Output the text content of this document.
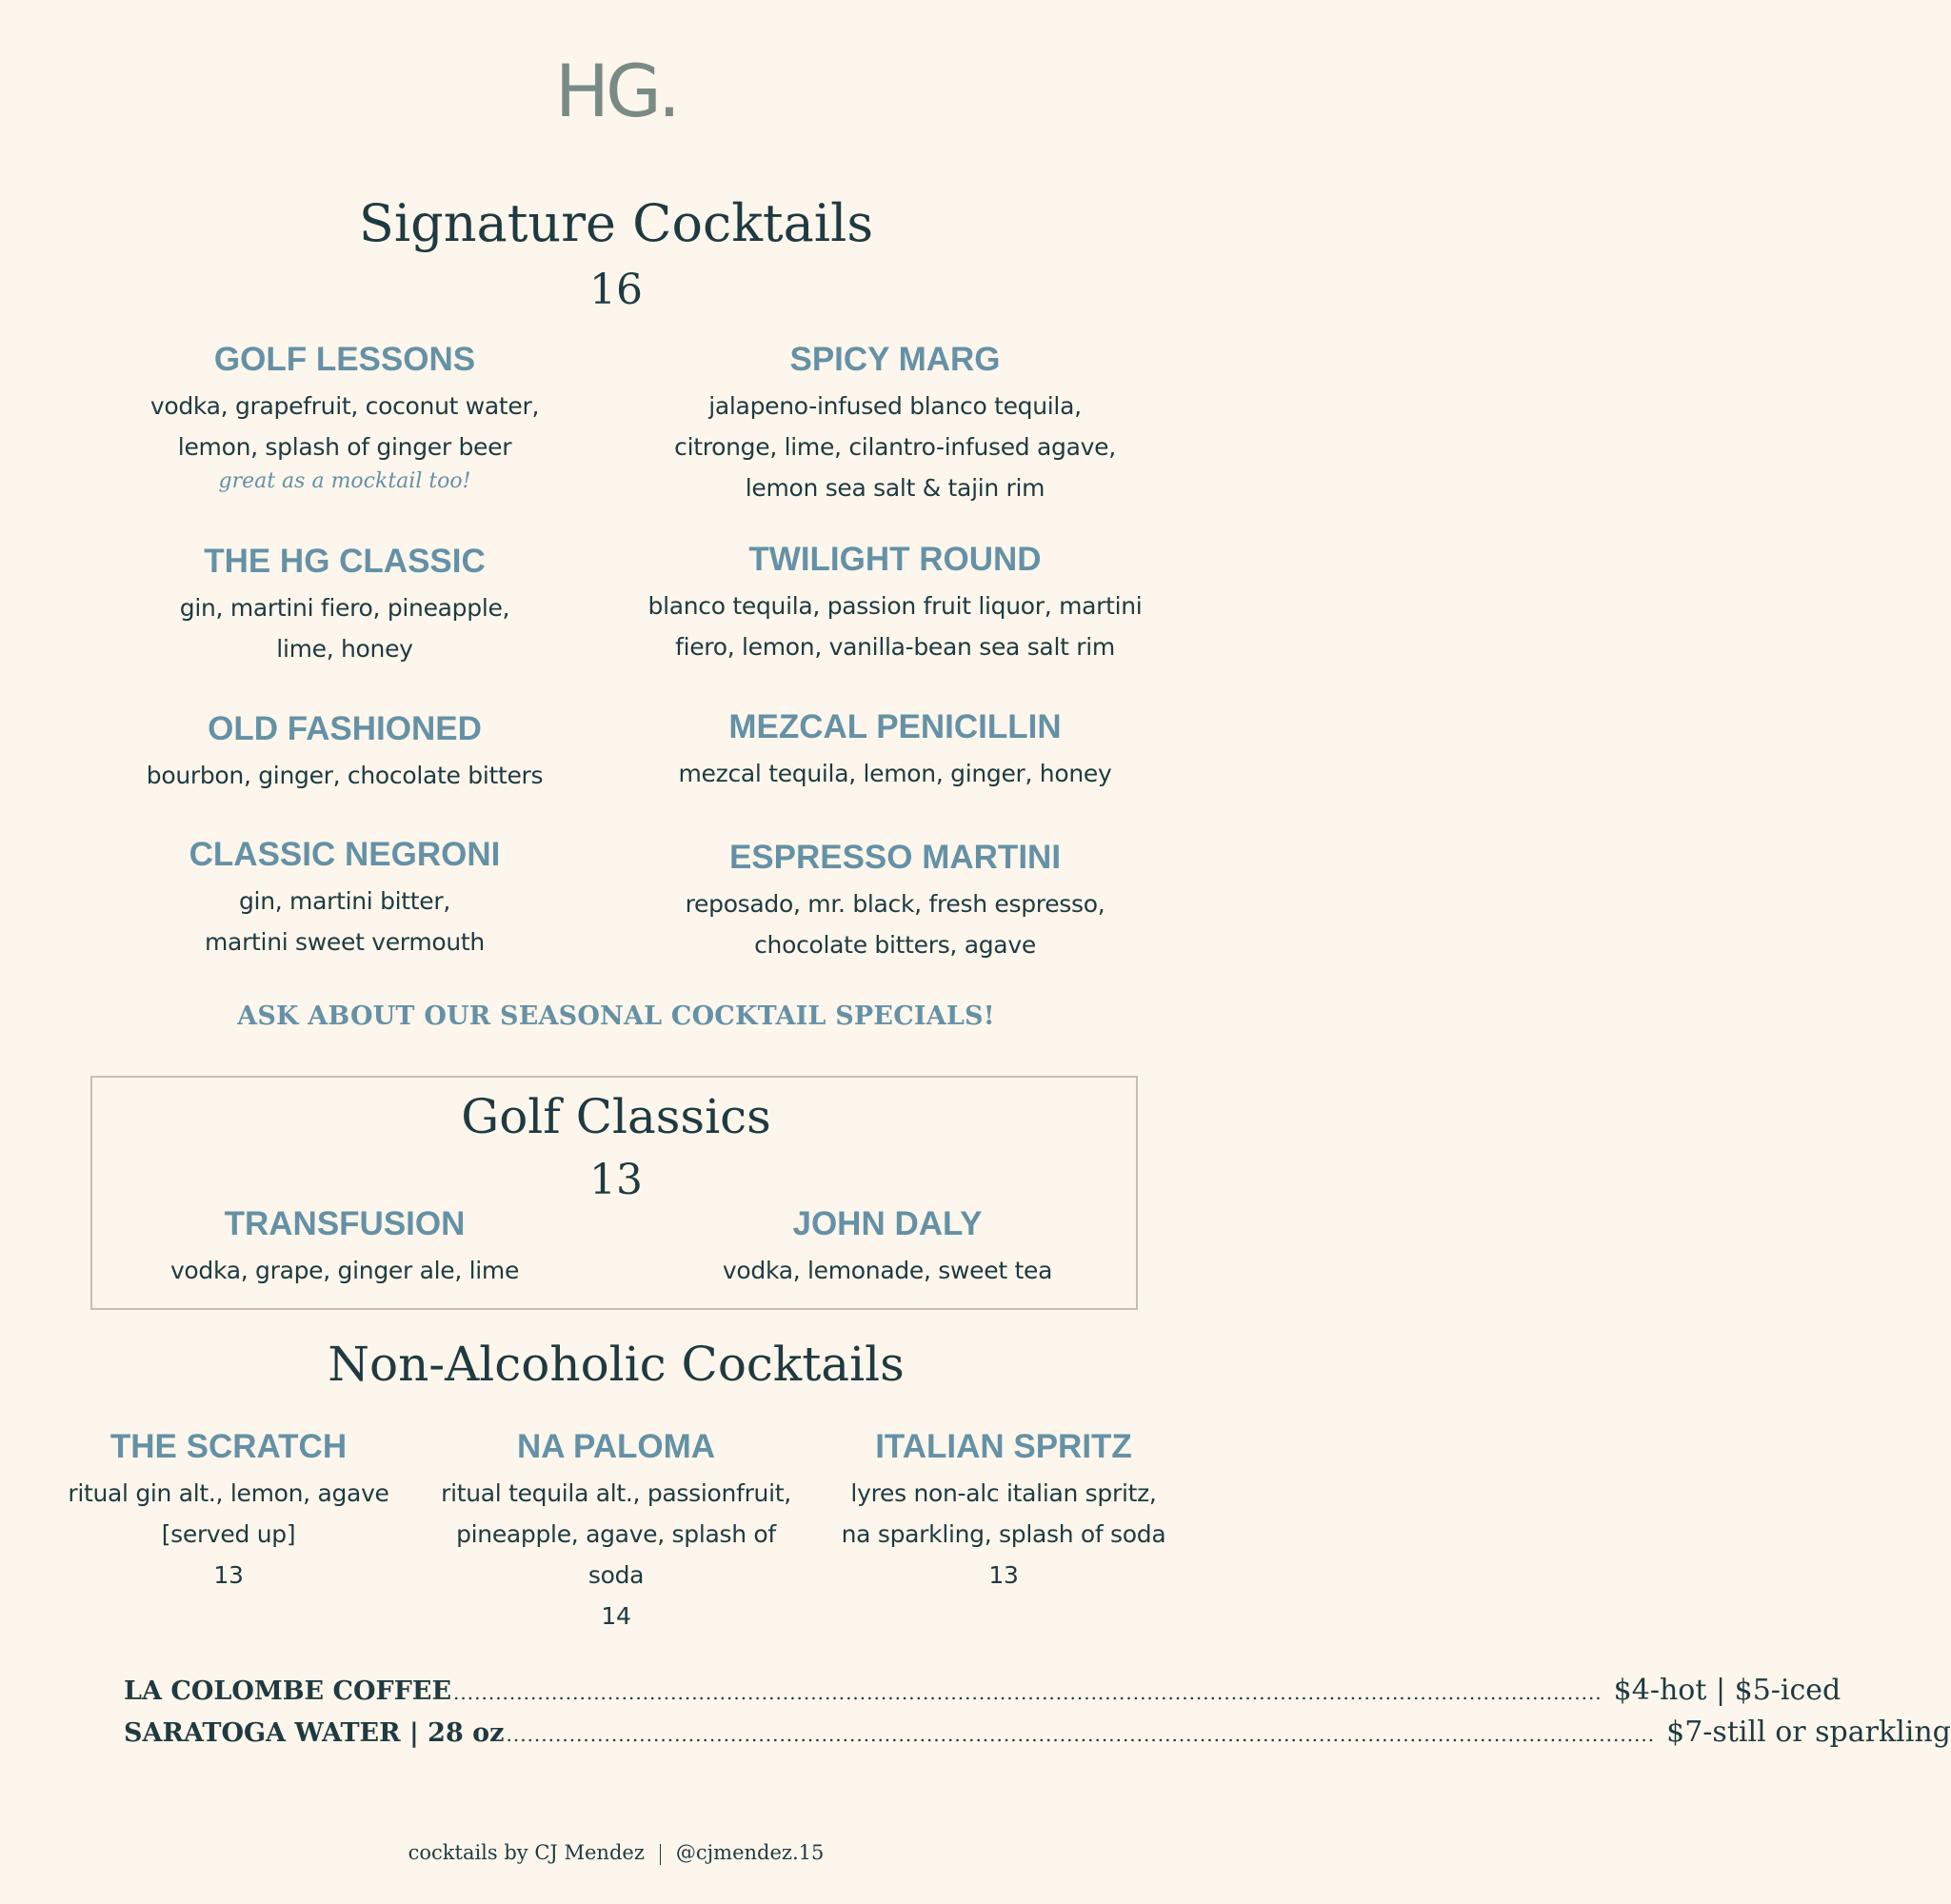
HG.
Signature Cocktails
16
GOLF LESSONS
vodka, grapefruit, coconut water,
lemon, splash of ginger beer
great as a mocktail too!
SPICY MARG
jalapeno-infused blanco tequila,
citronge, lime, cilantro-infused agave,
lemon sea salt & tajin rim
THE HG CLASSIC
gin, martini fiero, pineapple,
lime, honey
TWILIGHT ROUND
blanco tequila, passion fruit liquor, martini
fiero, lemon, vanilla-bean sea salt rim
OLD FASHIONED
bourbon, ginger, chocolate bitters
MEZCAL PENICILLIN
mezcal tequila, lemon, ginger, honey
CLASSIC NEGRONI
gin, martini bitter,
martini sweet vermouth
ESPRESSO MARTINI
reposado, mr. black, fresh espresso,
chocolate bitters, agave
ASK ABOUT OUR SEASONAL COCKTAIL SPECIALS!
Golf Classics
13
TRANSFUSION
vodka, grape, ginger ale, lime
JOHN DALY
vodka, lemonade, sweet tea
Non-Alcoholic Cocktails
THE SCRATCH
ritual gin alt., lemon, agave
[served up]
13
NA PALOMA
ritual tequila alt., passionfruit,
pineapple, agave, splash of soda
14
ITALIAN SPRITZ
lyres non-alc italian spritz,
na sparkling, splash of soda
13
LA COLOMBE COFFEE .................................................................................................................................................................... $4-hot | $5-iced
SARATOGA WATER | 28 oz .................................................................................................................................................................... $7-still or sparkling
cocktails by CJ Mendez @cjmendez.15
